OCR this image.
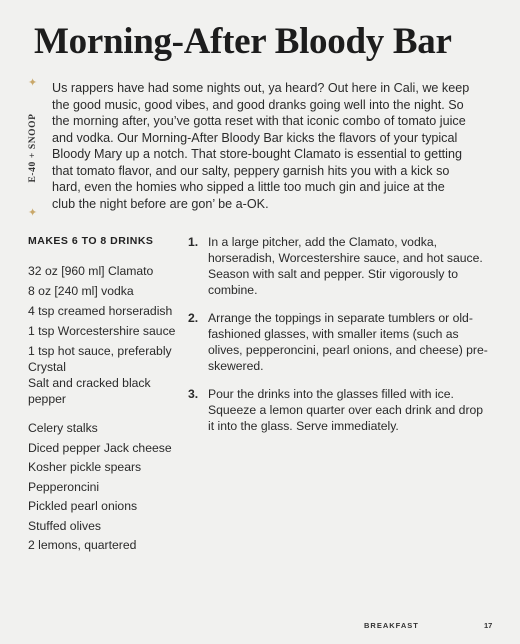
Morning-After Bloody Bar
✦
E-40 + SNOOP
✦
Us rappers have had some nights out, ya heard? Out here in Cali, we keep the good music, good vibes, and good dranks going well into the night. So the morning after, you’ve gotta reset with that iconic combo of tomato juice and vodka. Our Morning-After Bloody Bar kicks the flavors of your typical Bloody Mary up a notch. That store-bought Clamato is essential to getting that tomato flavor, and our salty, peppery garnish hits you with a kick so hard, even the homies who sipped a little too much gin and juice at the club the night before are gon’ be a-OK.
MAKES 6 TO 8 DRINKS
32 oz [960 ml] Clamato
8 oz [240 ml] vodka
4 tsp creamed horseradish
1 tsp Worcestershire sauce
1 tsp hot sauce, preferably Crystal
Salt and cracked black pepper
Celery stalks
Diced pepper Jack cheese
Kosher pickle spears
Pepperoncini
Pickled pearl onions
Stuffed olives
2 lemons, quartered
1. In a large pitcher, add the Clamato, vodka, horseradish, Worcestershire sauce, and hot sauce. Season with salt and pepper. Stir vigorously to combine.
2. Arrange the toppings in separate tumblers or old-fashioned glasses, with smaller items (such as olives, pepperoncini, pearl onions, and cheese) pre-skewered.
3. Pour the drinks into the glasses filled with ice. Squeeze a lemon quarter over each drink and drop it into the glass. Serve immediately.
BREAKFAST	17
